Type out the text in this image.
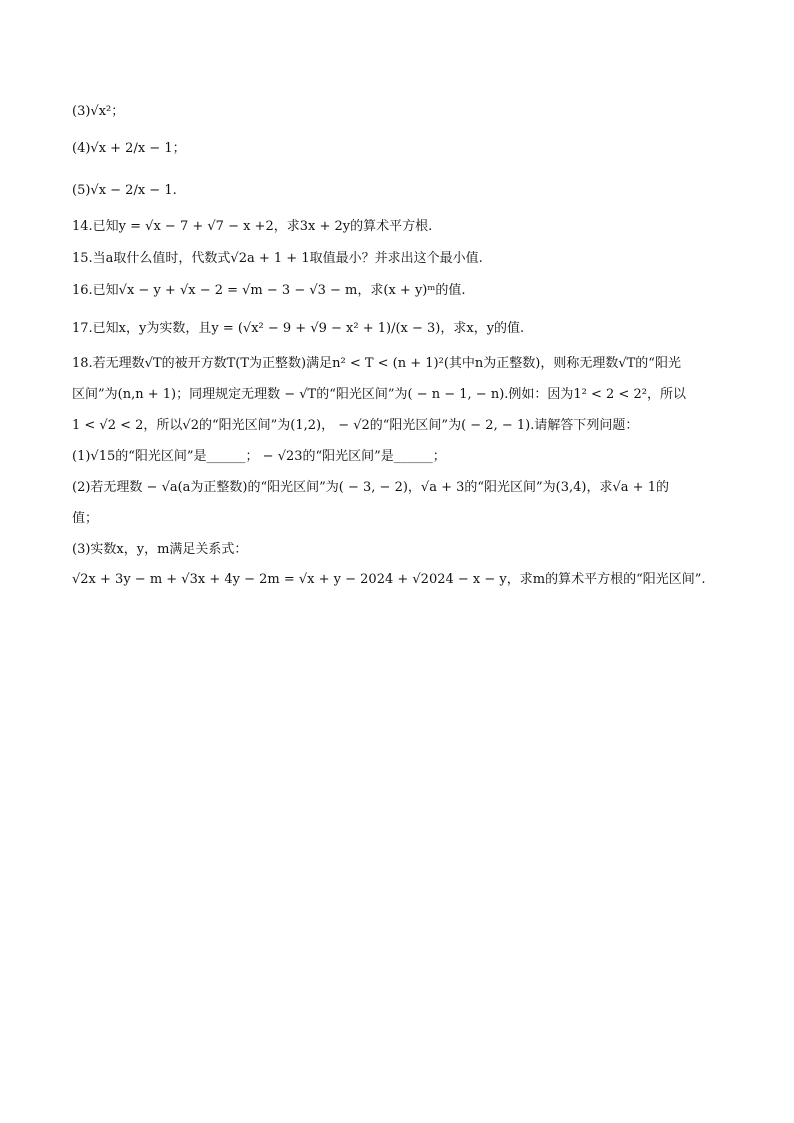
(3)√x²；
(4)√x + 2/x − 1；
(5)√x − 2/x − 1.
14.已知y = √x − 7 + √7 − x +2，求3x + 2y的算术平方根.
15.当a取什么值时，代数式√2a + 1 + 1取值最小？并求出这个最小值.
16.已知√x − y + √x − 2 = √m − 3 − √3 − m，求(x + y)ᵐ的值.
17.已知x，y为实数，且y = (√x² − 9 + √9 − x² + 1)/(x − 3)，求x，y的值.
18.若无理数√T的被开方数T(T为正整数)满足n² < T < (n + 1)²(其中n为正整数)，则称无理数√T的“阳光
区间”为(n,n + 1)；同理规定无理数 − √T的“阳光区间”为( − n − 1, − n).例如：因为1² < 2 < 2²，所以
1 < √2 < 2，所以√2的“阳光区间”为(1,2)， − √2的“阳光区间”为( − 2, − 1).请解答下列问题：
(1)√15的“阳光区间”是______； − √23的“阳光区间”是______；
(2)若无理数 − √a(a为正整数)的“阳光区间”为( − 3, − 2)，√a + 3的“阳光区间”为(3,4)，求√a + 1的
值；
(3)实数x，y，m满足关系式：
√2x + 3y − m + √3x + 4y − 2m = √x + y − 2024 + √2024 − x − y，求m的算术平方根的“阳光区间”.
